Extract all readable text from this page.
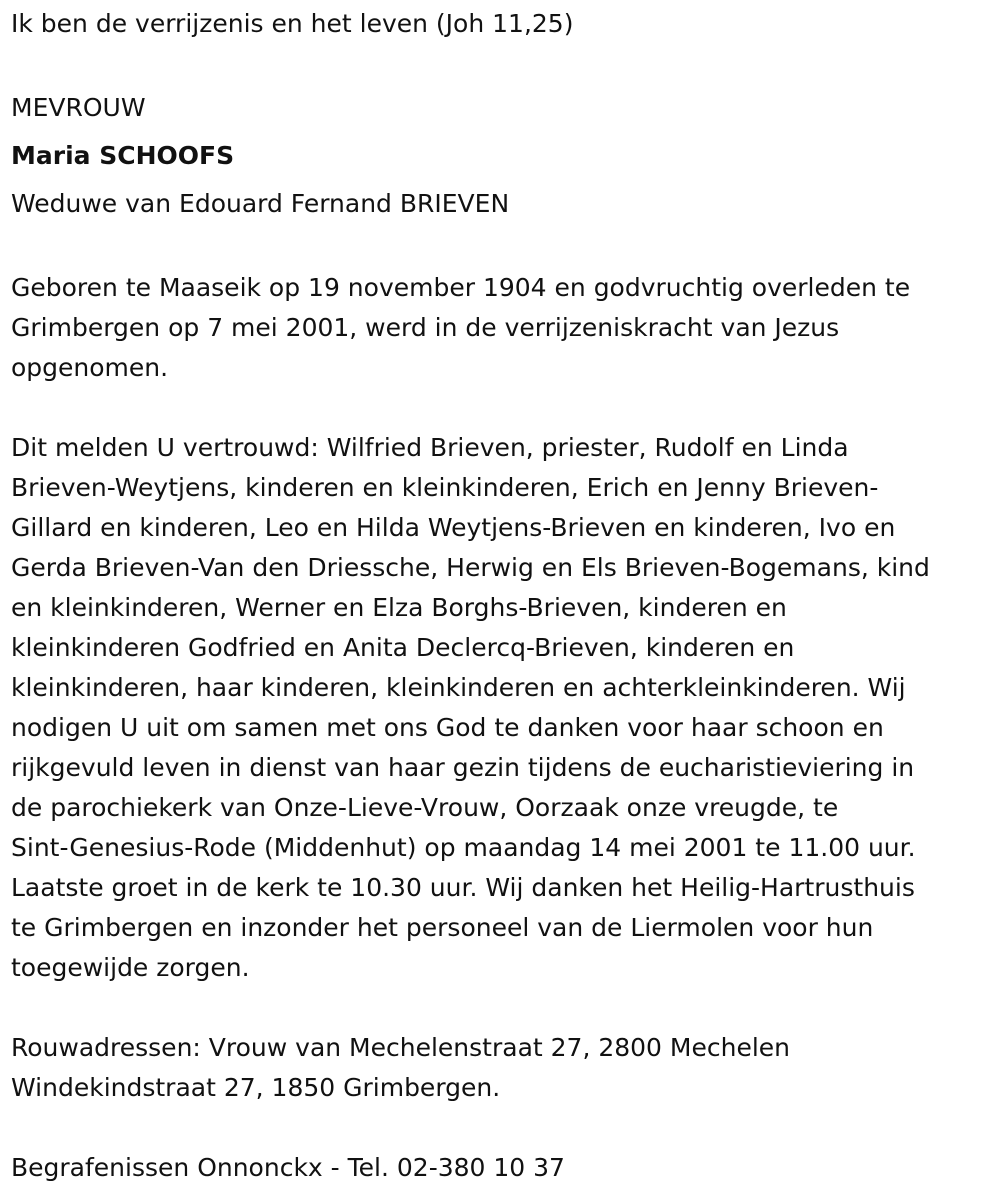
Ik ben de verrijzenis en het leven (Joh 11,25)
MEVROUW
Maria SCHOOFS
Weduwe van Edouard Fernand BRIEVEN
Geboren te Maaseik op 19 november 1904 en godvruchtig overleden te
Grimbergen op 7 mei 2001, werd in de verrijzeniskracht van Jezus
opgenomen.
Dit melden U vertrouwd: Wilfried Brieven, priester, Rudolf en Linda
Brieven-Weytjens, kinderen en kleinkinderen, Erich en Jenny Brieven-
Gillard en kinderen, Leo en Hilda Weytjens-Brieven en kinderen, Ivo en
Gerda Brieven-Van den Driessche, Herwig en Els Brieven-Bogemans, kind
en kleinkinderen, Werner en Elza Borghs-Brieven, kinderen en
kleinkinderen Godfried en Anita Declercq-Brieven, kinderen en
kleinkinderen, haar kinderen, kleinkinderen en achterkleinkinderen. Wij
nodigen U uit om samen met ons God te danken voor haar schoon en
rijkgevuld leven in dienst van haar gezin tijdens de eucharistieviering in
de parochiekerk van Onze-Lieve-Vrouw, Oorzaak onze vreugde, te
Sint-Genesius-Rode (Middenhut) op maandag 14 mei 2001 te 11.00 uur.
Laatste groet in de kerk te 10.30 uur. Wij danken het Heilig-Hartrusthuis
te Grimbergen en inzonder het personeel van de Liermolen voor hun
toegewijde zorgen.
Rouwadressen: Vrouw van Mechelenstraat 27, 2800 Mechelen
Windekindstraat 27, 1850 Grimbergen.
Begrafenissen Onnonckx - Tel. 02-380 10 37
